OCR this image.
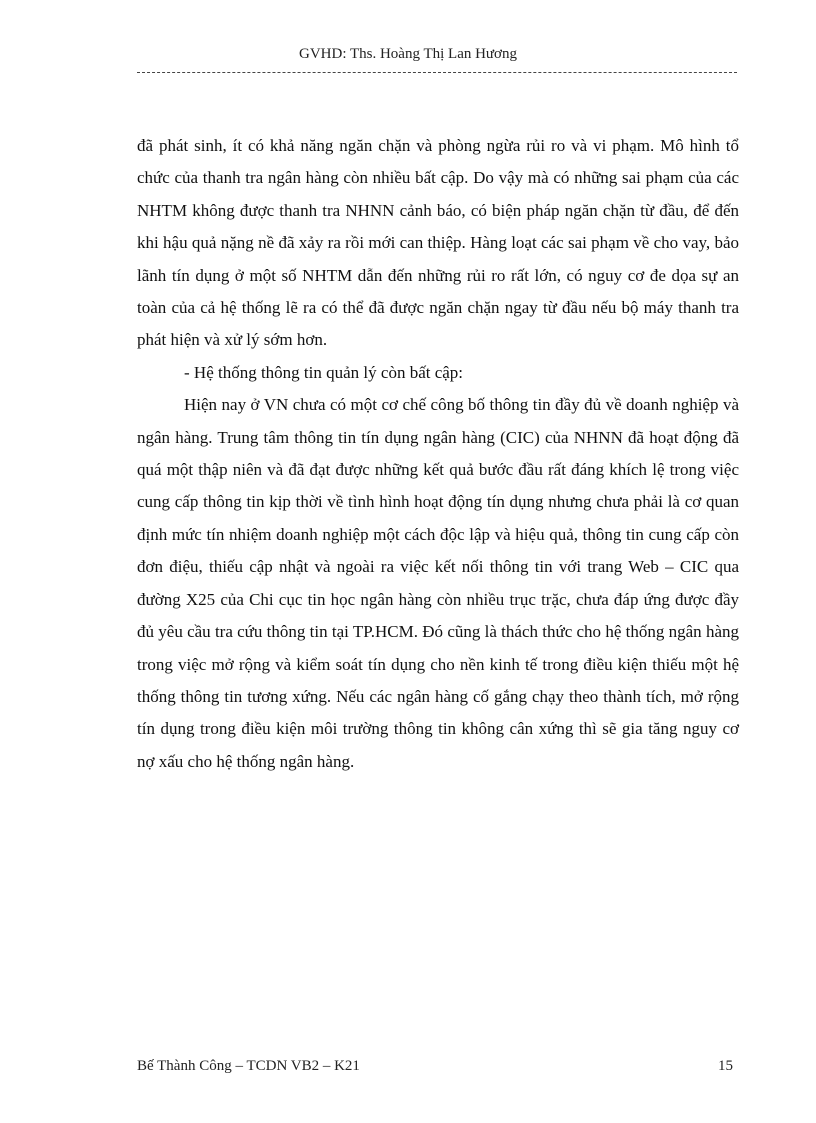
GVHD: Ths. Hoàng Thị Lan Hương

đã phát sinh, ít có khả năng ngăn chặn và phòng ngừa rủi ro và vi phạm. Mô hình tổ chức của thanh tra ngân hàng còn nhiều bất cập. Do vậy mà có những sai phạm của các NHTM không được thanh tra NHNN cảnh báo, có biện pháp ngăn chặn từ đầu, để đến khi hậu quả nặng nề đã xảy ra rồi mới can thiệp. Hàng loạt các sai phạm về cho vay, bảo lãnh tín dụng ở một số NHTM dẫn đến những rủi ro rất lớn, có nguy cơ đe dọa sự an toàn của cả hệ thống lẽ ra có thể đã được ngăn chặn ngay từ đầu nếu bộ máy thanh tra phát hiện và xử lý sớm hơn.

- Hệ thống thông tin quản lý còn bất cập:

Hiện nay ở VN chưa có một cơ chế công bố thông tin đầy đủ về doanh nghiệp và ngân hàng. Trung tâm thông tin tín dụng ngân hàng (CIC) của NHNN đã hoạt động đã quá một thập niên và đã đạt được những kết quả bước đầu rất đáng khích lệ trong việc cung cấp thông tin kịp thời về tình hình hoạt động tín dụng nhưng chưa phải là cơ quan định mức tín nhiệm doanh nghiệp một cách độc lập và hiệu quả, thông tin cung cấp còn đơn điệu, thiếu cập nhật và ngoài ra việc kết nối thông tin với trang Web – CIC qua đường X25 của Chi cục tin học ngân hàng còn nhiều trục trặc, chưa đáp ứng được đầy đủ yêu cầu tra cứu thông tin tại TP.HCM. Đó cũng là thách thức cho hệ thống ngân hàng trong việc mở rộng và kiểm soát tín dụng cho nền kinh tế trong điều kiện thiếu một hệ thống thông tin tương xứng. Nếu các ngân hàng cố gắng chạy theo thành tích, mở rộng tín dụng trong điều kiện môi trường thông tin không cân xứng thì sẽ gia tăng nguy cơ nợ xấu cho hệ thống ngân hàng.

Bế Thành Công – TCDN VB2 – K21	15
